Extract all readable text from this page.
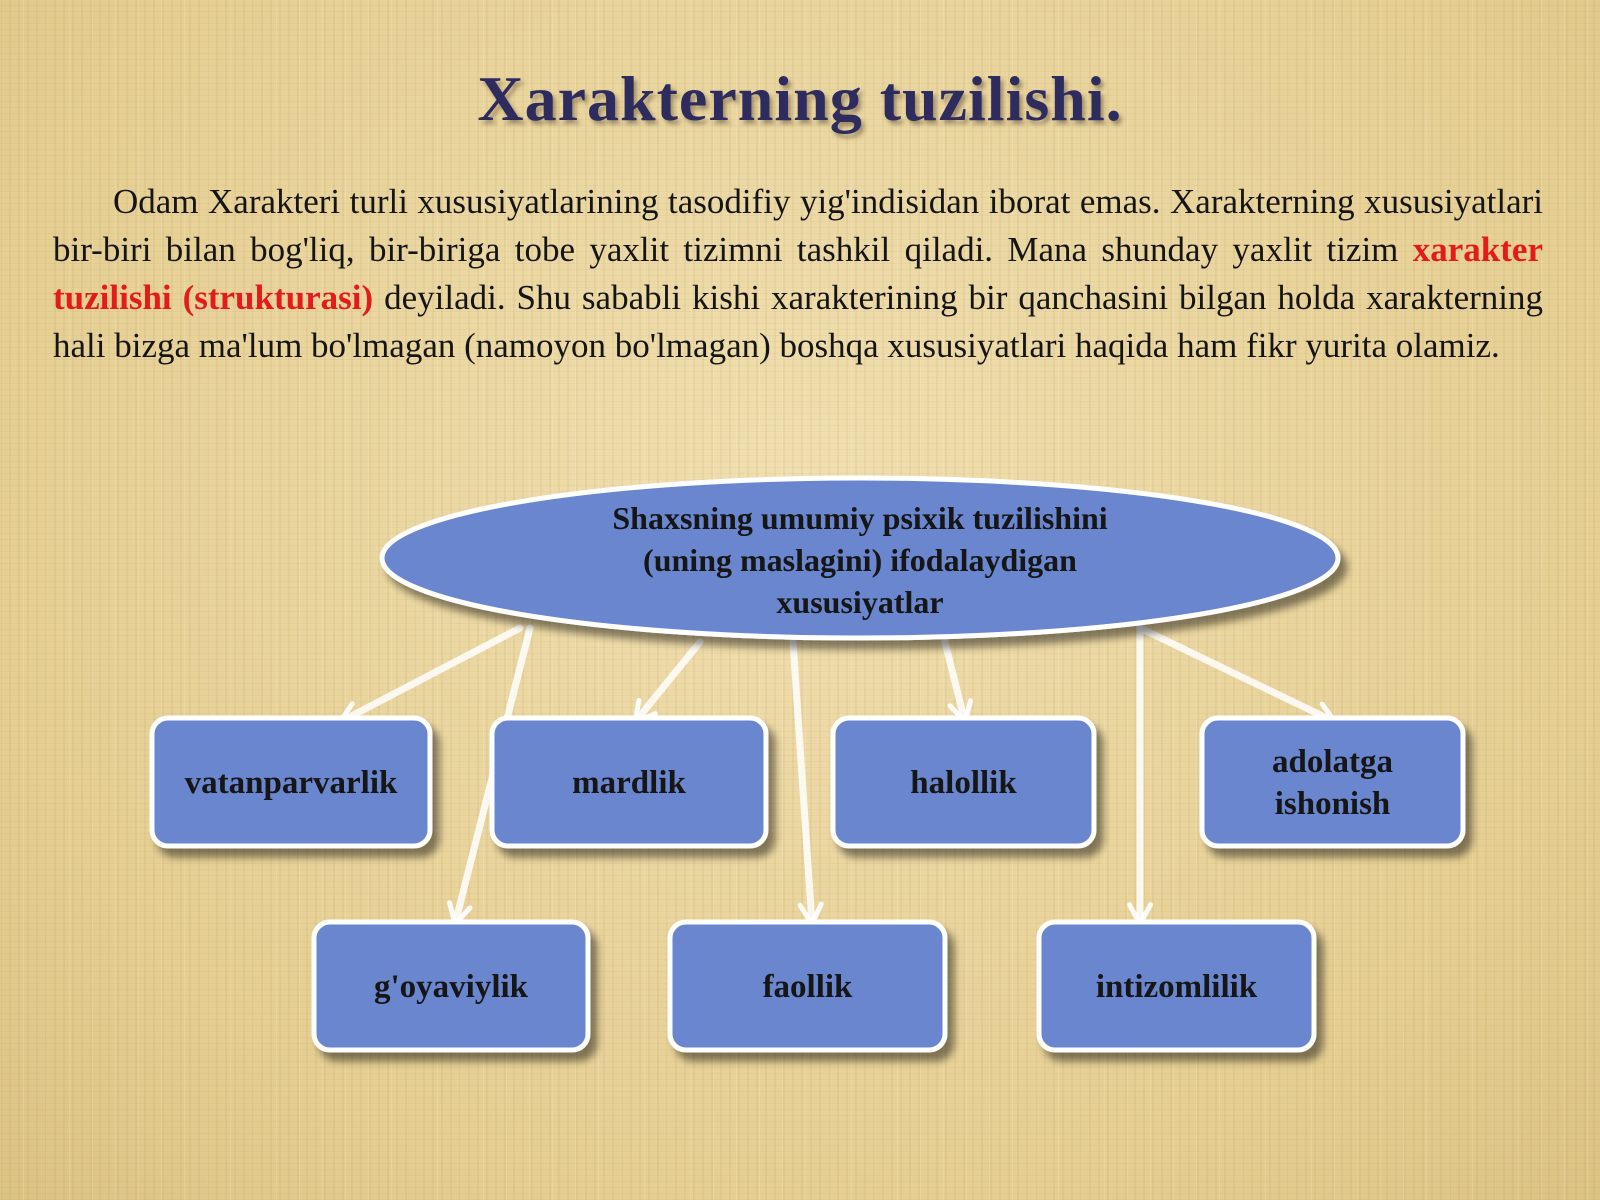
Xarakterning tuzilishi.

Odam Xarakteri turli xususiyatlarining tasodifiy yig'indisidan iborat emas. Xarakterning xususiyatlari bir-biri bilan bog'liq, bir-biriga tobe yaxlit tizimni tashkil qiladi. Mana shunday yaxlit tizim xarakter tuzilishi (strukturasi) deyiladi. Shu sababli kishi xarakterining bir qanchasini bilgan holda xarakterning hali bizga ma'lum bo'lmagan (namoyon bo'lmagan) boshqa xususiyatlari haqida ham fikr yurita olamiz.

Shaxsning umumiy psixik tuzilishini
(uning maslagini) ifodalaydigan
xususiyatlar
vatanparvarlik	mardlik	halollik
adolatga
ishonish
g'oyaviylik	faollik	intizomlilik
